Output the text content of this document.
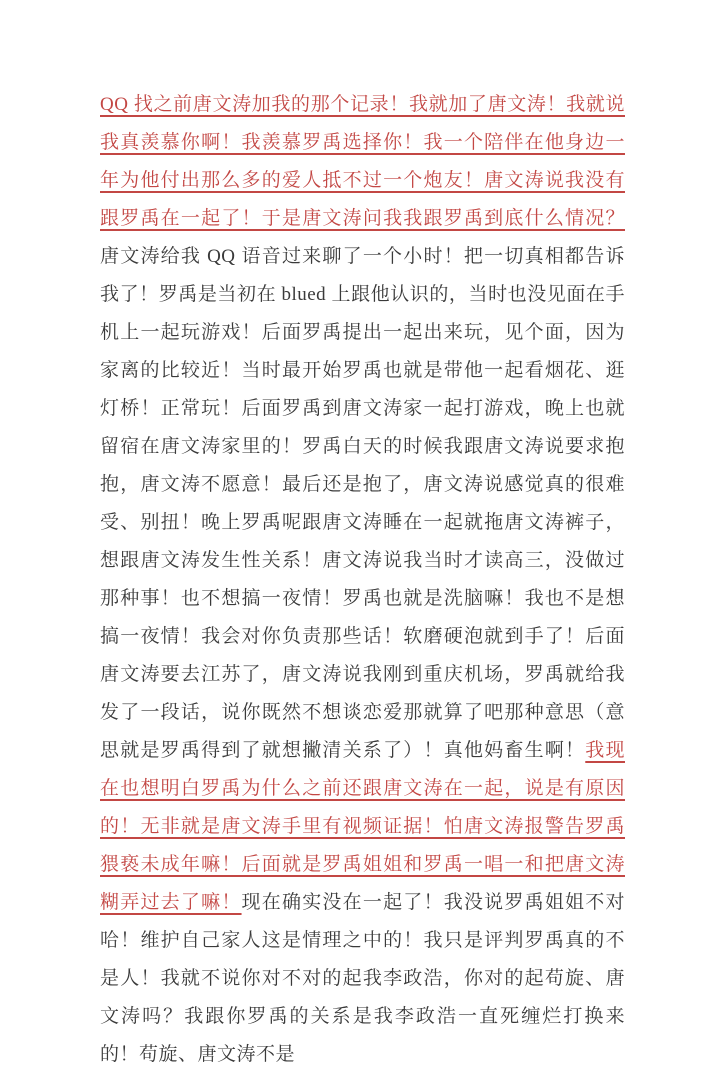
QQ 找之前唐文涛加我的那个记录！我就加了唐文涛！我就说我真羡慕你啊！我羡慕罗禹选择你！我一个陪伴在他身边一年为他付出那么多的爱人抵不过一个炮友！唐文涛说我没有跟罗禹在一起了！于是唐文涛问我我跟罗禹到底什么情况？唐文涛给我 QQ 语音过来聊了一个小时！把一切真相都告诉我了！罗禹是当初在 blued 上跟他认识的，当时也没见面在手机上一起玩游戏！后面罗禹提出一起出来玩，见个面，因为家离的比较近！当时最开始罗禹也就是带他一起看烟花、逛灯桥！正常玩！后面罗禹到唐文涛家一起打游戏，晚上也就留宿在唐文涛家里的！罗禹白天的时候我跟唐文涛说要求抱抱，唐文涛不愿意！最后还是抱了，唐文涛说感觉真的很难受、别扭！晚上罗禹呢跟唐文涛睡在一起就拖唐文涛裤子，想跟唐文涛发生性关系！唐文涛说我当时才读高三，没做过那种事！也不想搞一夜情！罗禹也就是洗脑嘛！我也不是想搞一夜情！我会对你负责那些话！软磨硬泡就到手了！后面唐文涛要去江苏了，唐文涛说我刚到重庆机场，罗禹就给我发了一段话，说你既然不想谈恋爱那就算了吧那种意思（意思就是罗禹得到了就想撇清关系了）！真他妈畜生啊！我现在也想明白罗禹为什么之前还跟唐文涛在一起，说是有原因的！无非就是唐文涛手里有视频证据！怕唐文涛报警告罗禹猥亵未成年嘛！后面就是罗禹姐姐和罗禹一唱一和把唐文涛糊弄过去了嘛！现在确实没在一起了！我没说罗禹姐姐不对哈！维护自己家人这是情理之中的！我只是评判罗禹真的不是人！我就不说你对不对的起我李政浩，你对的起苟旋、唐文涛吗？我跟你罗禹的关系是我李政浩一直死缠烂打换来的！苟旋、唐文涛不是
